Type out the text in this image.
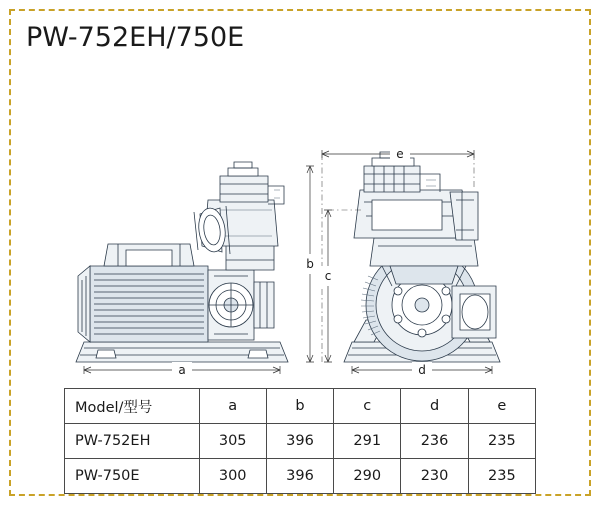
PW-752EH/750E
a
e
b
c
d
Model/型号	a	b	c	d	e
PW-752EH	305	396	291	236	235
PW-750E	300	396	290	230	235
